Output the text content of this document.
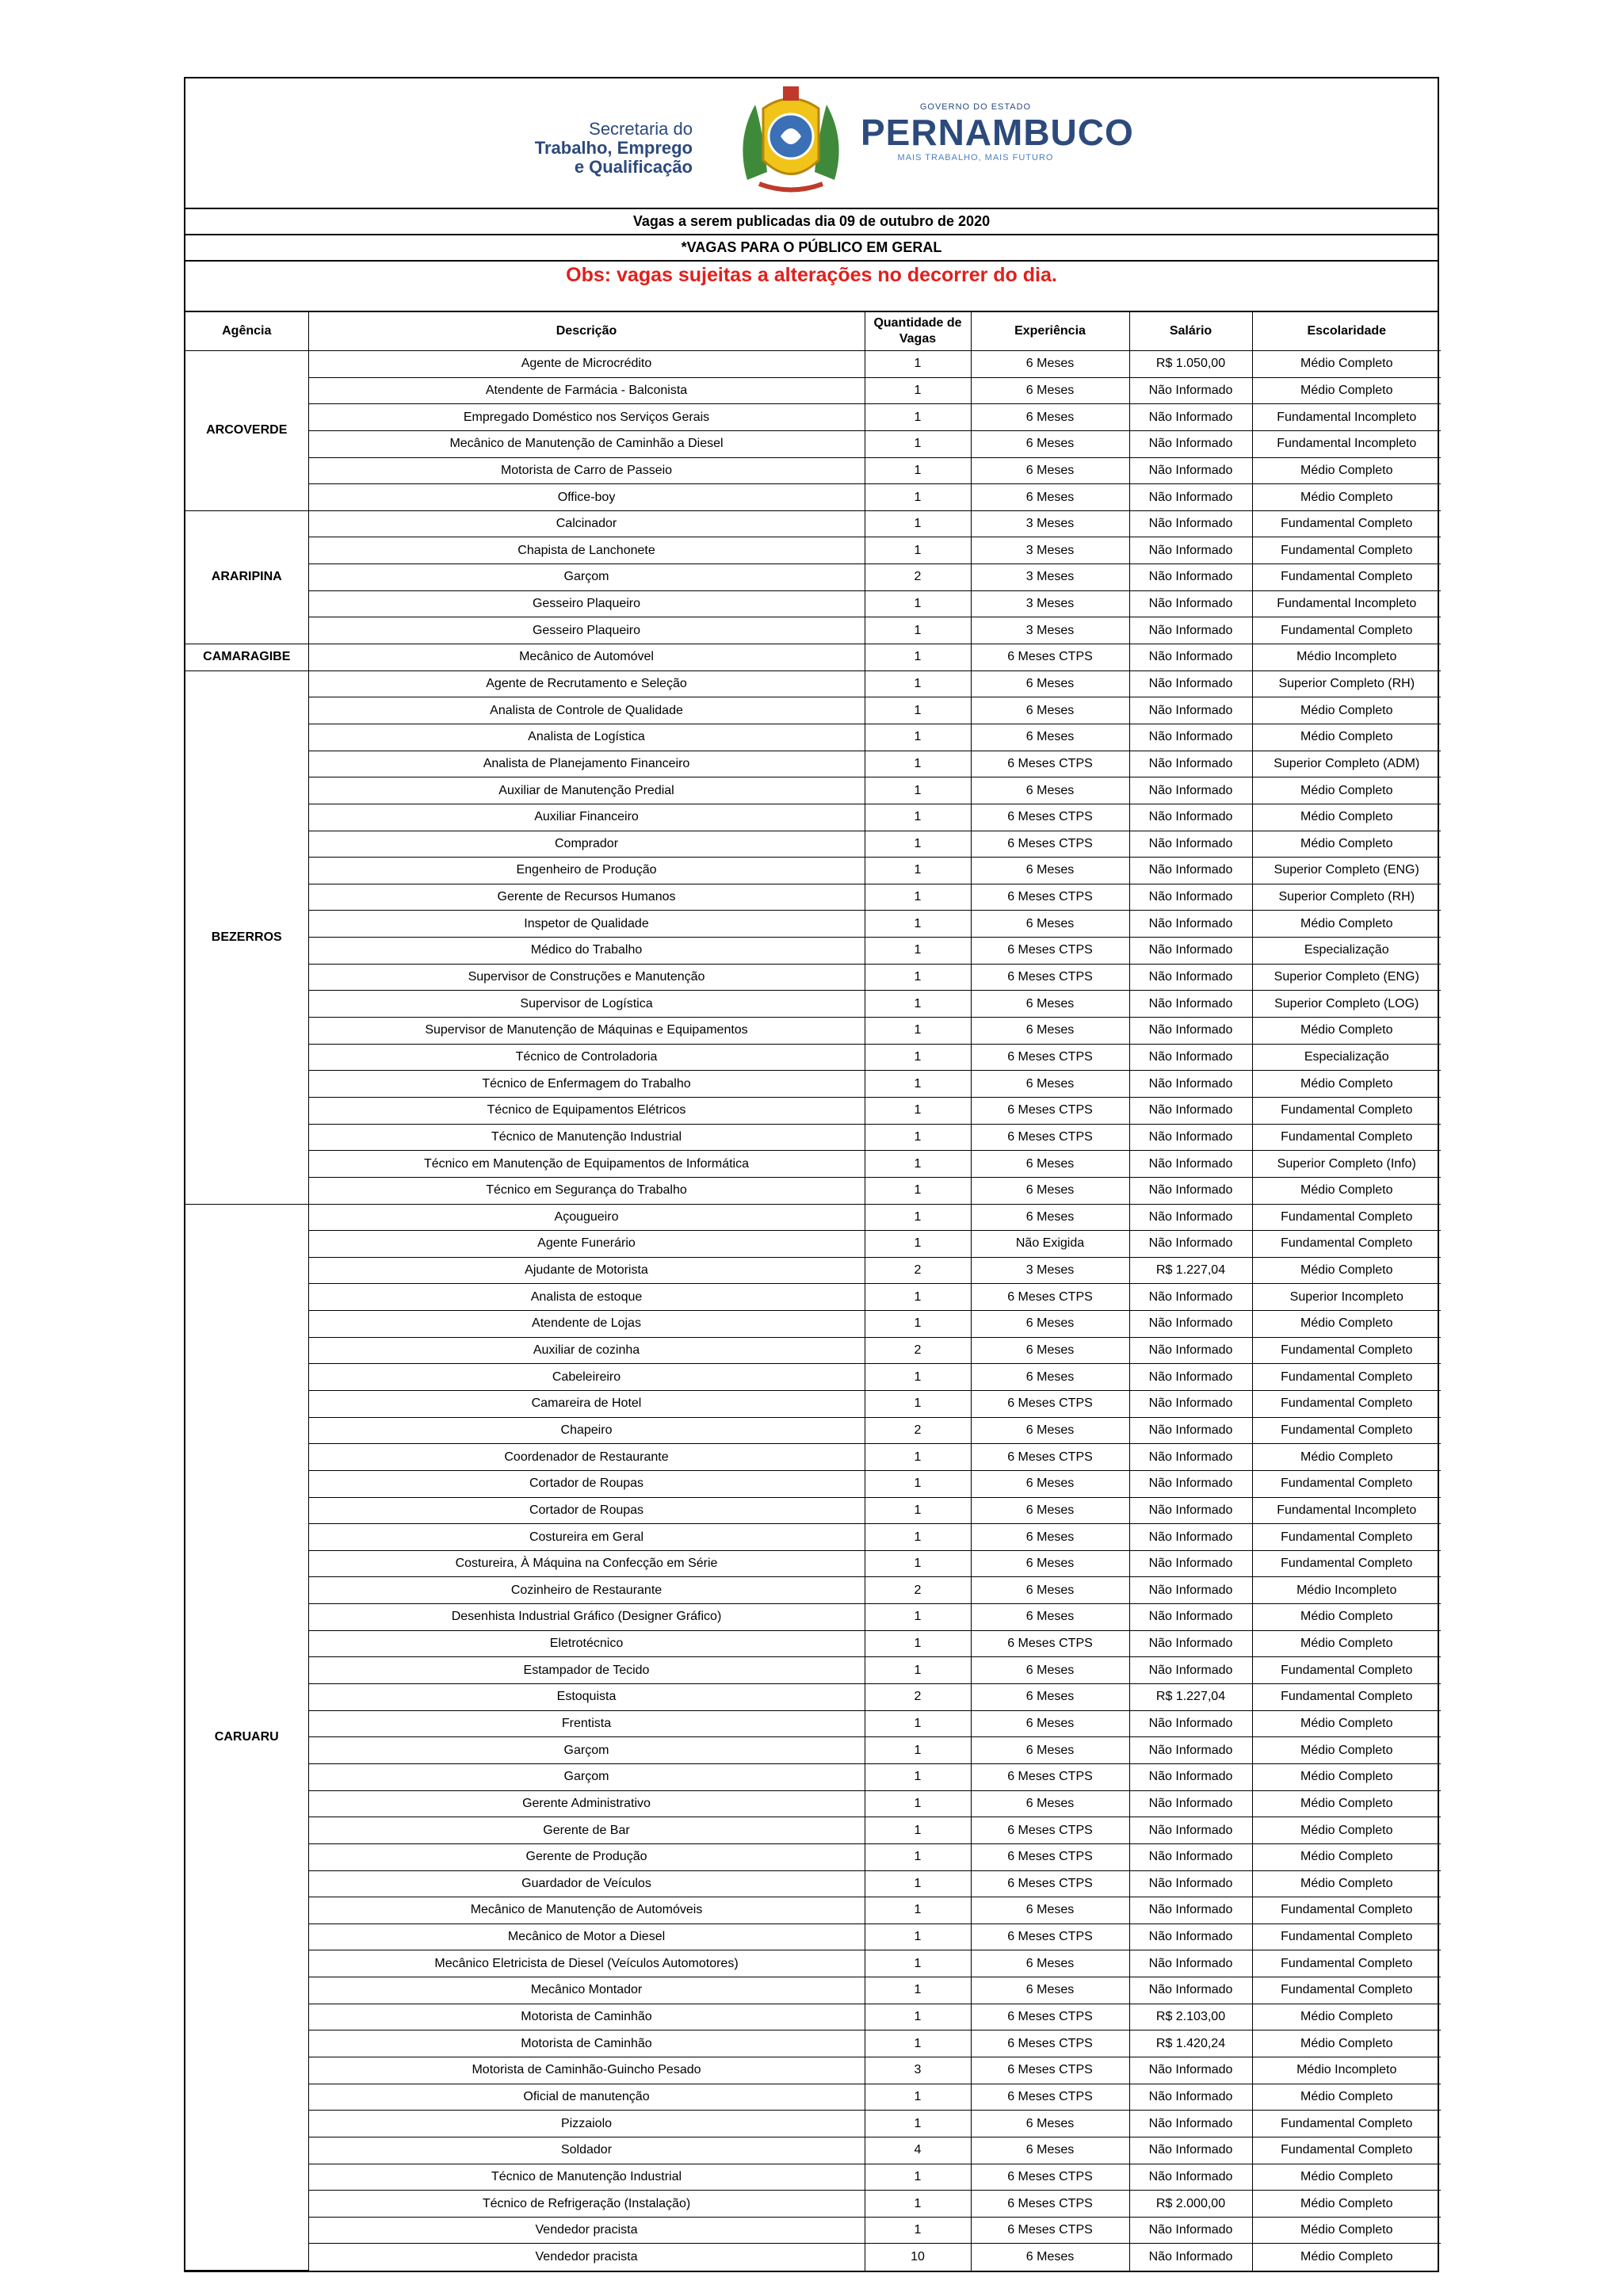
Secretaria do
Trabalho, Emprego
e Qualificação
GOVERNO DO ESTADO
PERNAMBUCO
MAIS TRABALHO, MAIS FUTURO
Vagas a serem publicadas dia 09 de outubro de 2020
*VAGAS PARA O PÚBLICO EM GERAL
Obs: vagas sujeitas a alterações no decorrer do dia.
Agência	Descrição	Quantidade de Vagas	Experiência	Salário	Escolaridade
ARCOVERDE	Agente de Microcrédito	1	6 Meses	R$ 1.050,00	Médio Completo
	Atendente de Farmácia - Balconista	1	6 Meses	Não Informado	Médio Completo
	Empregado Doméstico nos Serviços Gerais	1	6 Meses	Não Informado	Fundamental Incompleto
	Mecânico de Manutenção de Caminhão a Diesel	1	6 Meses	Não Informado	Fundamental Incompleto
	Motorista de Carro de Passeio	1	6 Meses	Não Informado	Médio Completo
	Office-boy	1	6 Meses	Não Informado	Médio Completo
ARARIPINA	Calcinador	1	3 Meses	Não Informado	Fundamental Completo
	Chapista de Lanchonete	1	3 Meses	Não Informado	Fundamental Completo
	Garçom	2	3 Meses	Não Informado	Fundamental Completo
	Gesseiro Plaqueiro	1	3 Meses	Não Informado	Fundamental Incompleto
	Gesseiro Plaqueiro	1	3 Meses	Não Informado	Fundamental Completo
CAMARAGIBE	Mecânico de Automóvel	1	6 Meses CTPS	Não Informado	Médio Incompleto
BEZERROS	Agente de Recrutamento e Seleção	1	6 Meses	Não Informado	Superior Completo (RH)
	Analista de Controle de Qualidade	1	6 Meses	Não Informado	Médio Completo
	Analista de Logística	1	6 Meses	Não Informado	Médio Completo
	Analista de Planejamento Financeiro	1	6 Meses CTPS	Não Informado	Superior Completo (ADM)
	Auxiliar de Manutenção Predial	1	6 Meses	Não Informado	Médio Completo
	Auxiliar Financeiro	1	6 Meses CTPS	Não Informado	Médio Completo
	Comprador	1	6 Meses CTPS	Não Informado	Médio Completo
	Engenheiro de Produção	1	6 Meses	Não Informado	Superior Completo (ENG)
	Gerente de Recursos Humanos	1	6 Meses CTPS	Não Informado	Superior Completo (RH)
	Inspetor de Qualidade	1	6 Meses	Não Informado	Médio Completo
	Médico do Trabalho	1	6 Meses CTPS	Não Informado	Especialização
	Supervisor de Construções e Manutenção	1	6 Meses CTPS	Não Informado	Superior Completo (ENG)
	Supervisor de Logística	1	6 Meses	Não Informado	Superior Completo (LOG)
	Supervisor de Manutenção de Máquinas e Equipamentos	1	6 Meses	Não Informado	Médio Completo
	Técnico de Controladoria	1	6 Meses CTPS	Não Informado	Especialização
	Técnico de Enfermagem do Trabalho	1	6 Meses	Não Informado	Médio Completo
	Técnico de Equipamentos Elétricos	1	6 Meses CTPS	Não Informado	Fundamental Completo
	Técnico de Manutenção Industrial	1	6 Meses CTPS	Não Informado	Fundamental Completo
	Técnico em Manutenção de Equipamentos de Informática	1	6 Meses	Não Informado	Superior Completo (Info)
	Técnico em Segurança do Trabalho	1	6 Meses	Não Informado	Médio Completo
CARUARU	Açougueiro	1	6 Meses	Não Informado	Fundamental Completo
	Agente Funerário	1	Não Exigida	Não Informado	Fundamental Completo
	Ajudante de Motorista	2	3 Meses	R$ 1.227,04	Médio Completo
	Analista de estoque	1	6 Meses CTPS	Não Informado	Superior Incompleto
	Atendente de Lojas	1	6 Meses	Não Informado	Médio Completo
	Auxiliar de cozinha	2	6 Meses	Não Informado	Fundamental Completo
	Cabeleireiro	1	6 Meses	Não Informado	Fundamental Completo
	Camareira de Hotel	1	6 Meses CTPS	Não Informado	Fundamental Completo
	Chapeiro	2	6 Meses	Não Informado	Fundamental Completo
	Coordenador de Restaurante	1	6 Meses CTPS	Não Informado	Médio Completo
	Cortador de Roupas	1	6 Meses	Não Informado	Fundamental Completo
	Cortador de Roupas	1	6 Meses	Não Informado	Fundamental Incompleto
	Costureira em Geral	1	6 Meses	Não Informado	Fundamental Completo
	Costureira, À Máquina na Confecção em Série	1	6 Meses	Não Informado	Fundamental Completo
	Cozinheiro de Restaurante	2	6 Meses	Não Informado	Médio Incompleto
	Desenhista Industrial Gráfico (Designer Gráfico)	1	6 Meses	Não Informado	Médio Completo
	Eletrotécnico	1	6 Meses CTPS	Não Informado	Médio Completo
	Estampador de Tecido	1	6 Meses	Não Informado	Fundamental Completo
	Estoquista	2	6 Meses	R$ 1.227,04	Fundamental Completo
	Frentista	1	6 Meses	Não Informado	Médio Completo
	Garçom	1	6 Meses	Não Informado	Médio Completo
	Garçom	1	6 Meses CTPS	Não Informado	Médio Completo
	Gerente Administrativo	1	6 Meses	Não Informado	Médio Completo
	Gerente de Bar	1	6 Meses CTPS	Não Informado	Médio Completo
	Gerente de Produção	1	6 Meses CTPS	Não Informado	Médio Completo
	Guardador de Veículos	1	6 Meses CTPS	Não Informado	Médio Completo
	Mecânico de Manutenção de Automóveis	1	6 Meses	Não Informado	Fundamental Completo
	Mecânico de Motor a Diesel	1	6 Meses CTPS	Não Informado	Fundamental Completo
	Mecânico Eletricista de Diesel (Veículos Automotores)	1	6 Meses	Não Informado	Fundamental Completo
	Mecânico Montador	1	6 Meses	Não Informado	Fundamental Completo
	Motorista de Caminhão	1	6 Meses CTPS	R$ 2.103,00	Médio Completo
	Motorista de Caminhão	1	6 Meses CTPS	R$ 1.420,24	Médio Completo
	Motorista de Caminhão-Guincho Pesado	3	6 Meses CTPS	Não Informado	Médio Incompleto
	Oficial de manutenção	1	6 Meses CTPS	Não Informado	Médio Completo
	Pizzaiolo	1	6 Meses	Não Informado	Fundamental Completo
	Soldador	4	6 Meses	Não Informado	Fundamental Completo
	Técnico de Manutenção Industrial	1	6 Meses CTPS	Não Informado	Médio Completo
	Técnico de Refrigeração (Instalação)	1	6 Meses CTPS	R$ 2.000,00	Médio Completo
	Vendedor pracista	1	6 Meses CTPS	Não Informado	Médio Completo
	Vendedor pracista	10	6 Meses	Não Informado	Médio Completo
